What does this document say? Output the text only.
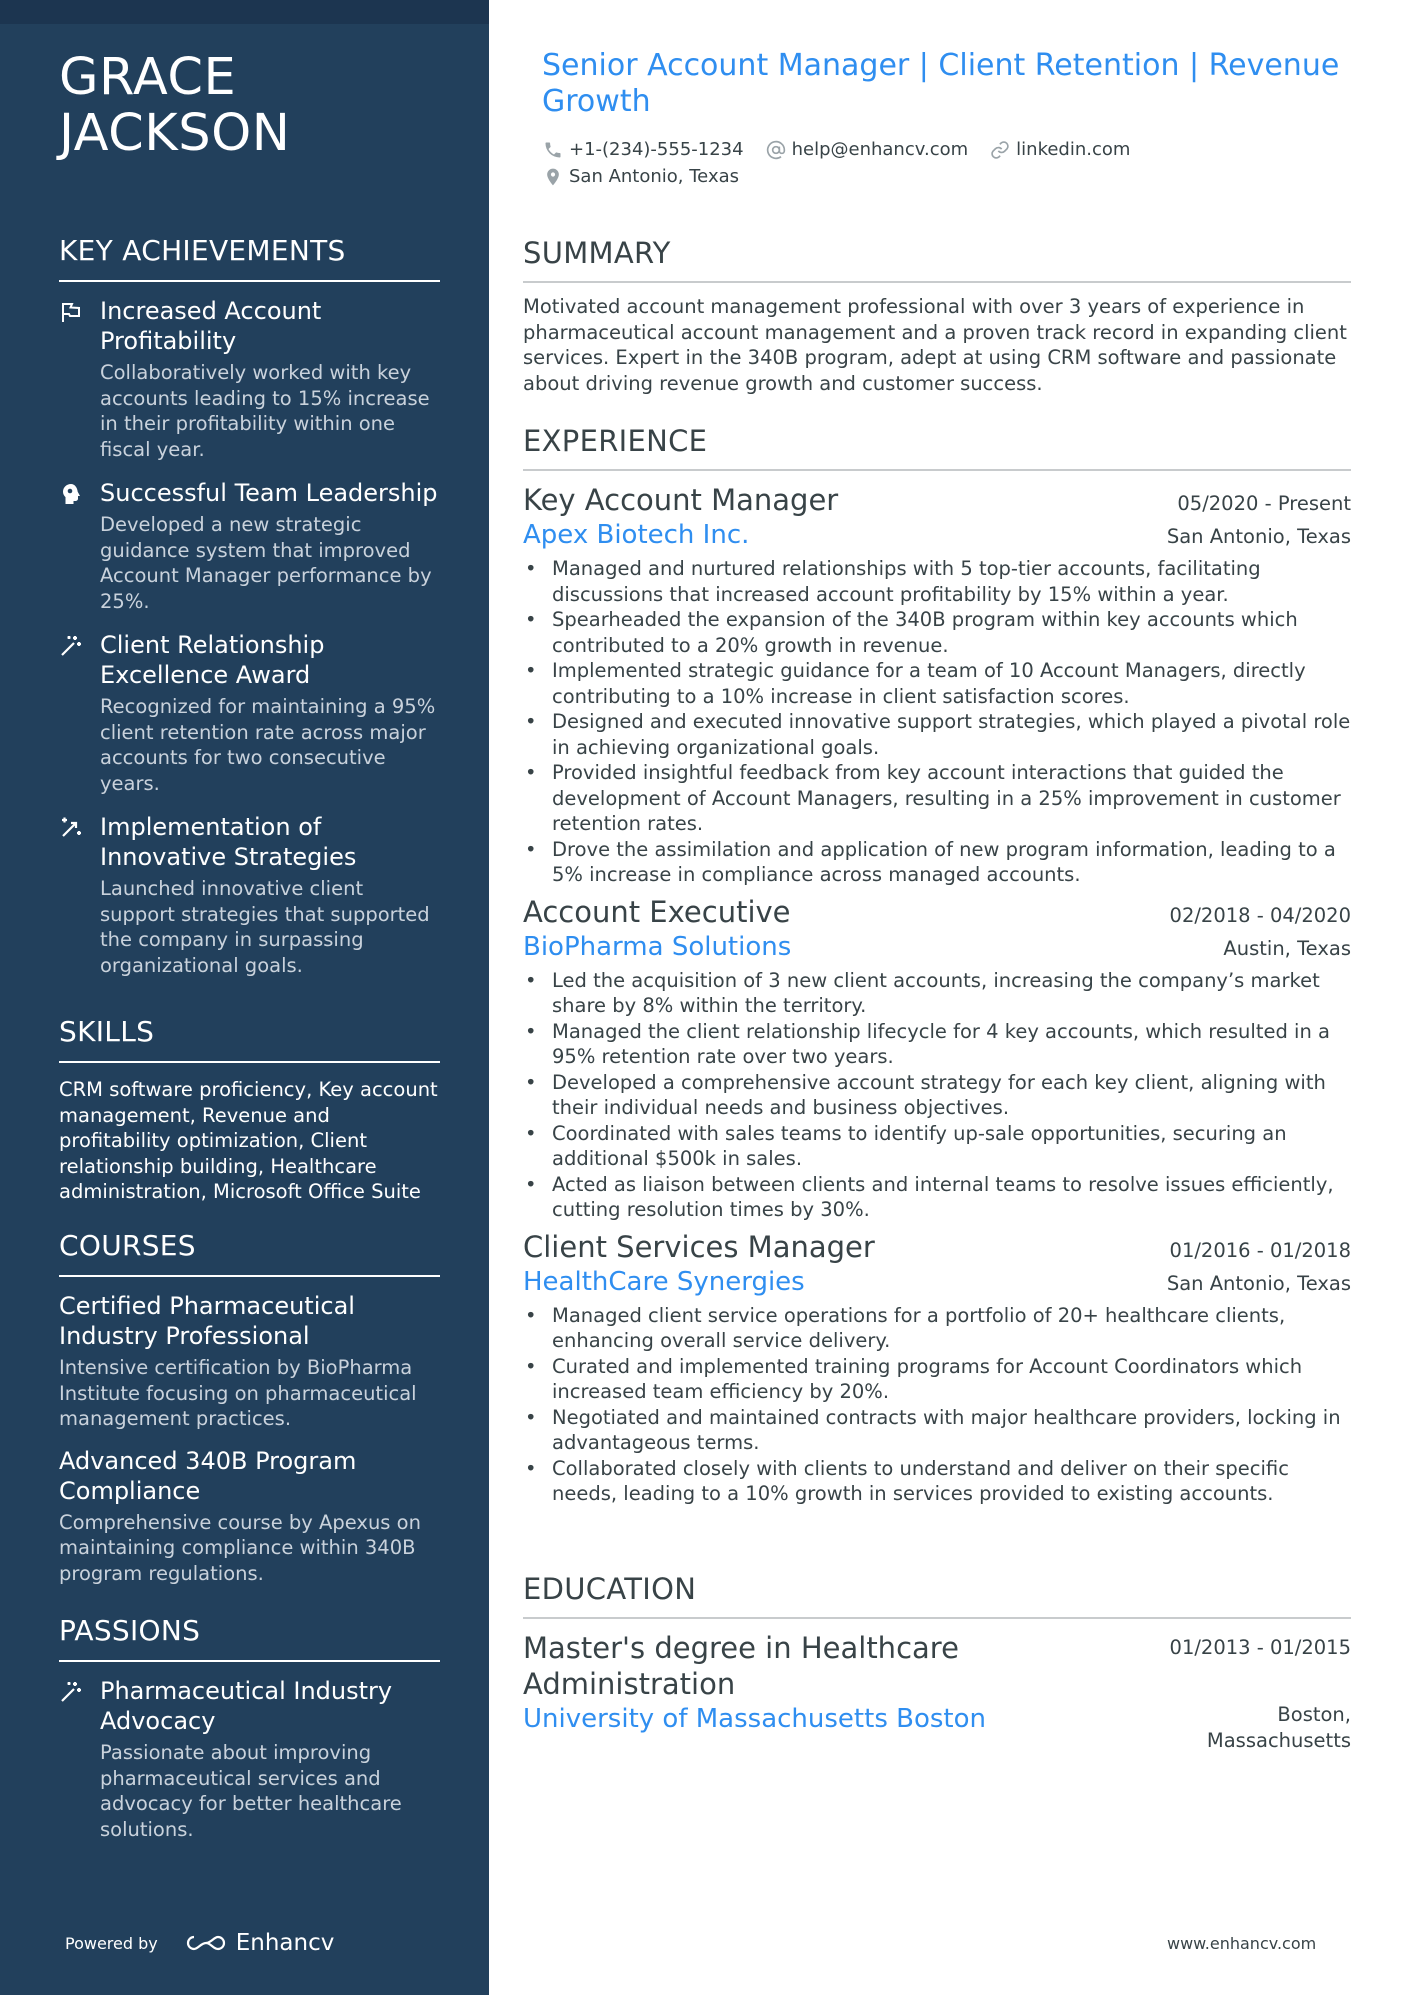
GRACE
JACKSON
KEY ACHIEVEMENTS
Increased Account Profitability
Collaboratively worked with key accounts leading to 15% increase in their profitability within one fiscal year.
Successful Team Leadership
Developed a new strategic guidance system that improved Account Manager performance by 25%.
Client Relationship Excellence Award
Recognized for maintaining a 95% client retention rate across major accounts for two consecutive years.
Implementation of Innovative Strategies
Launched innovative client support strategies that supported the company in surpassing organizational goals.
SKILLS
CRM software proficiency, Key account management, Revenue and profitability optimization, Client relationship building, Healthcare administration, Microsoft Office Suite
COURSES
Certified Pharmaceutical Industry Professional
Intensive certification by BioPharma Institute focusing on pharmaceutical management practices.
Advanced 340B Program Compliance
Comprehensive course by Apexus on maintaining compliance within 340B program regulations.
PASSIONS
Pharmaceutical Industry Advocacy
Passionate about improving pharmaceutical services and advocacy for better healthcare solutions.
Powered by	Enhancv
Senior Account Manager | Client Retention | Revenue Growth
+1-(234)-555-1234	help@enhancv.com	linkedin.com
San Antonio, Texas
SUMMARY
Motivated account management professional with over 3 years of experience in pharmaceutical account management and a proven track record in expanding client services. Expert in the 340B program, adept at using CRM software and passionate about driving revenue growth and customer success.
EXPERIENCE
Key Account Manager	05/2020 - Present
Apex Biotech Inc.	San Antonio, Texas
• Managed and nurtured relationships with 5 top-tier accounts, facilitating discussions that increased account profitability by 15% within a year.
• Spearheaded the expansion of the 340B program within key accounts which contributed to a 20% growth in revenue.
• Implemented strategic guidance for a team of 10 Account Managers, directly contributing to a 10% increase in client satisfaction scores.
• Designed and executed innovative support strategies, which played a pivotal role in achieving organizational goals.
• Provided insightful feedback from key account interactions that guided the development of Account Managers, resulting in a 25% improvement in customer retention rates.
• Drove the assimilation and application of new program information, leading to a 5% increase in compliance across managed accounts.
Account Executive	02/2018 - 04/2020
BioPharma Solutions	Austin, Texas
• Led the acquisition of 3 new client accounts, increasing the company’s market share by 8% within the territory.
• Managed the client relationship lifecycle for 4 key accounts, which resulted in a 95% retention rate over two years.
• Developed a comprehensive account strategy for each key client, aligning with their individual needs and business objectives.
• Coordinated with sales teams to identify up-sale opportunities, securing an additional $500k in sales.
• Acted as liaison between clients and internal teams to resolve issues efficiently, cutting resolution times by 30%.
Client Services Manager	01/2016 - 01/2018
HealthCare Synergies	San Antonio, Texas
• Managed client service operations for a portfolio of 20+ healthcare clients, enhancing overall service delivery.
• Curated and implemented training programs for Account Coordinators which increased team efficiency by 20%.
• Negotiated and maintained contracts with major healthcare providers, locking in advantageous terms.
• Collaborated closely with clients to understand and deliver on their specific needs, leading to a 10% growth in services provided to existing accounts.
EDUCATION
Master's degree in Healthcare Administration
01/2013 - 01/2015
University of Massachusetts Boston	Boston, Massachusetts
www.enhancv.com
